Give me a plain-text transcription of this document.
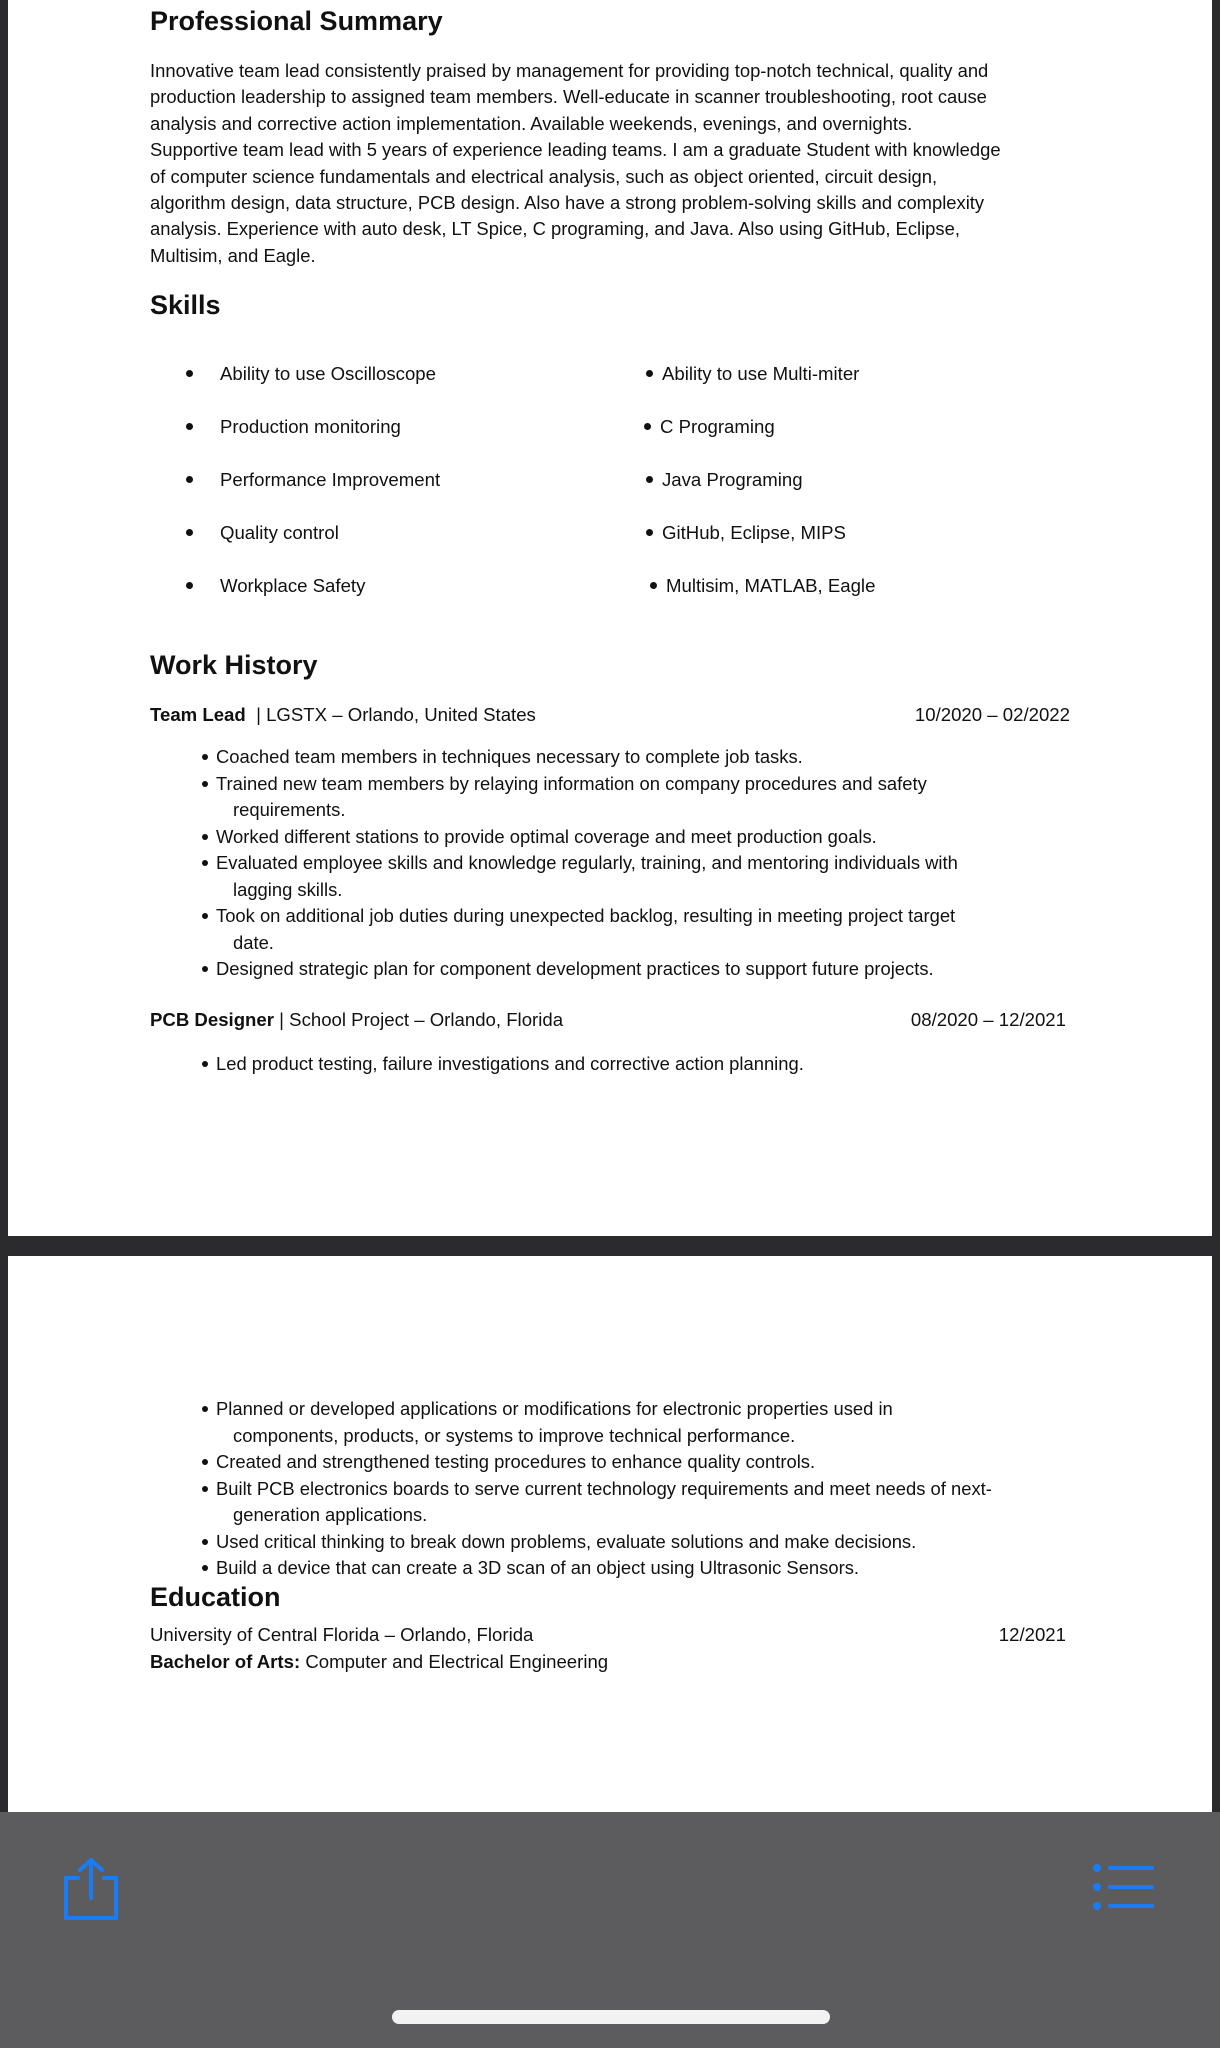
Professional Summary
Innovative team lead consistently praised by management for providing top-notch technical, quality and
production leadership to assigned team members. Well-educate in scanner troubleshooting, root cause
analysis and corrective action implementation. Available weekends, evenings, and overnights.
Supportive team lead with 5 years of experience leading teams. I am a graduate Student with knowledge
of computer science fundamentals and electrical analysis, such as object oriented, circuit design,
algorithm design, data structure, PCB design. Also have a strong problem-solving skills and complexity
analysis. Experience with auto desk, LT Spice, C programing, and Java. Also using GitHub, Eclipse,
Multisim, and Eagle.
Skills
Ability to use Oscilloscope
Production monitoring
Performance Improvement
Quality control
Workplace Safety
Ability to use Multi-miter
C Programing
Java Programing
GitHub, Eclipse, MIPS
Multisim, MATLAB, Eagle
Work History
Team Lead  | LGSTX – Orlando, United States	10/2020 – 02/2022
Coached team members in techniques necessary to complete job tasks.
Trained new team members by relaying information on company procedures and safety
requirements.
Worked different stations to provide optimal coverage and meet production goals.
Evaluated employee skills and knowledge regularly, training, and mentoring individuals with
lagging skills.
Took on additional job duties during unexpected backlog, resulting in meeting project target
date.
Designed strategic plan for component development practices to support future projects.
PCB Designer | School Project – Orlando, Florida	08/2020 – 12/2021
Led product testing, failure investigations and corrective action planning.
Planned or developed applications or modifications for electronic properties used in
components, products, or systems to improve technical performance.
Created and strengthened testing procedures to enhance quality controls.
Built PCB electronics boards to serve current technology requirements and meet needs of next-
generation applications.
Used critical thinking to break down problems, evaluate solutions and make decisions.
Build a device that can create a 3D scan of an object using Ultrasonic Sensors.
Education
University of Central Florida – Orlando, Florida	12/2021
Bachelor of Arts: Computer and Electrical Engineering
